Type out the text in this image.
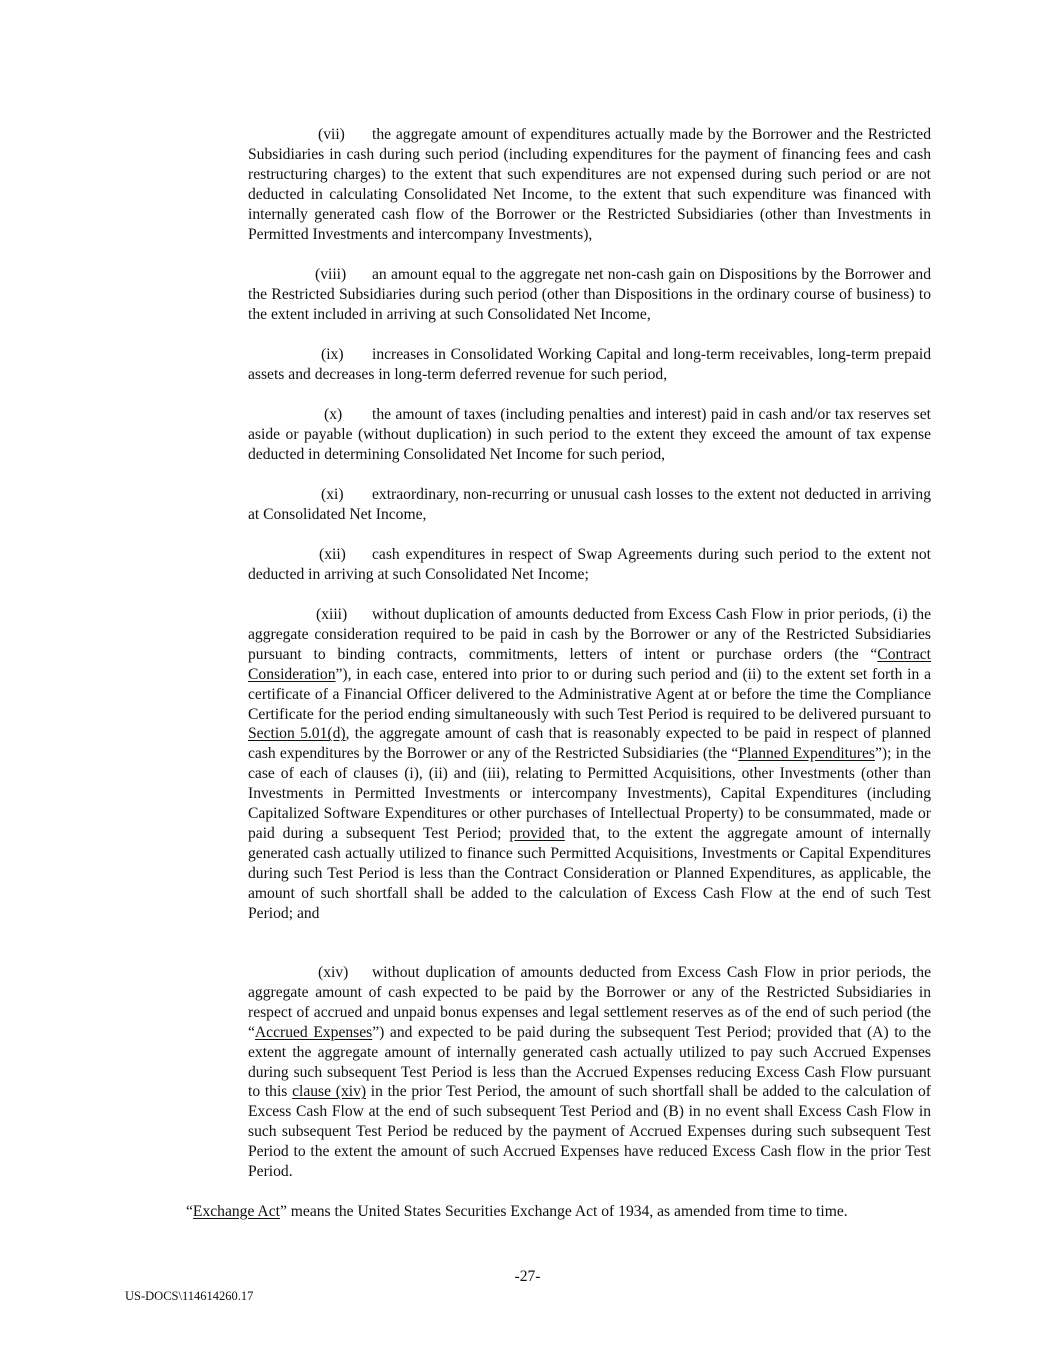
(vii) the aggregate amount of expenditures actually made by the Borrower and the Restricted Subsidiaries in cash during such period (including expenditures for the payment of financing fees and cash restructuring charges) to the extent that such expenditures are not expensed during such period or are not deducted in calculating Consolidated Net Income, to the extent that such expenditure was financed with internally generated cash flow of the Borrower or the Restricted Subsidiaries (other than Investments in Permitted Investments and intercompany Investments),
(viii) an amount equal to the aggregate net non-cash gain on Dispositions by the Borrower and the Restricted Subsidiaries during such period (other than Dispositions in the ordinary course of business) to the extent included in arriving at such Consolidated Net Income,
(ix) increases in Consolidated Working Capital and long-term receivables, long-term prepaid assets and decreases in long-term deferred revenue for such period,
(x) the amount of taxes (including penalties and interest) paid in cash and/or tax reserves set aside or payable (without duplication) in such period to the extent they exceed the amount of tax expense deducted in determining Consolidated Net Income for such period,
(xi) extraordinary, non-recurring or unusual cash losses to the extent not deducted in arriving at Consolidated Net Income,
(xii) cash expenditures in respect of Swap Agreements during such period to the extent not deducted in arriving at such Consolidated Net Income;
(xiii) without duplication of amounts deducted from Excess Cash Flow in prior periods, (i) the aggregate consideration required to be paid in cash by the Borrower or any of the Restricted Subsidiaries pursuant to binding contracts, commitments, letters of intent or purchase orders (the “Contract Consideration”), in each case, entered into prior to or during such period and (ii) to the extent set forth in a certificate of a Financial Officer delivered to the Administrative Agent at or before the time the Compliance Certificate for the period ending simultaneously with such Test Period is required to be delivered pursuant to Section 5.01(d), the aggregate amount of cash that is reasonably expected to be paid in respect of planned cash expenditures by the Borrower or any of the Restricted Subsidiaries (the “Planned Expenditures”); in the case of each of clauses (i), (ii) and (iii), relating to Permitted Acquisitions, other Investments (other than Investments in Permitted Investments or intercompany Investments), Capital Expenditures (including Capitalized Software Expenditures or other purchases of Intellectual Property) to be consummated, made or paid during a subsequent Test Period; provided that, to the extent the aggregate amount of internally generated cash actually utilized to finance such Permitted Acquisitions, Investments or Capital Expenditures during such Test Period is less than the Contract Consideration or Planned Expenditures, as applicable, the amount of such shortfall shall be added to the calculation of Excess Cash Flow at the end of such Test Period; and
(xiv) without duplication of amounts deducted from Excess Cash Flow in prior periods, the aggregate amount of cash expected to be paid by the Borrower or any of the Restricted Subsidiaries in respect of accrued and unpaid bonus expenses and legal settlement reserves as of the end of such period (the “Accrued Expenses”) and expected to be paid during the subsequent Test Period; provided that (A) to the extent the aggregate amount of internally generated cash actually utilized to pay such Accrued Expenses during such subsequent Test Period is less than the Accrued Expenses reducing Excess Cash Flow pursuant to this clause (xiv) in the prior Test Period, the amount of such shortfall shall be added to the calculation of Excess Cash Flow at the end of such subsequent Test Period and (B) in no event shall Excess Cash Flow in such subsequent Test Period be reduced by the payment of Accrued Expenses during such subsequent Test Period to the extent the amount of such Accrued Expenses have reduced Excess Cash flow in the prior Test Period.
“Exchange Act” means the United States Securities Exchange Act of 1934, as amended from time to time.
-27-
US-DOCS\114614260.17
